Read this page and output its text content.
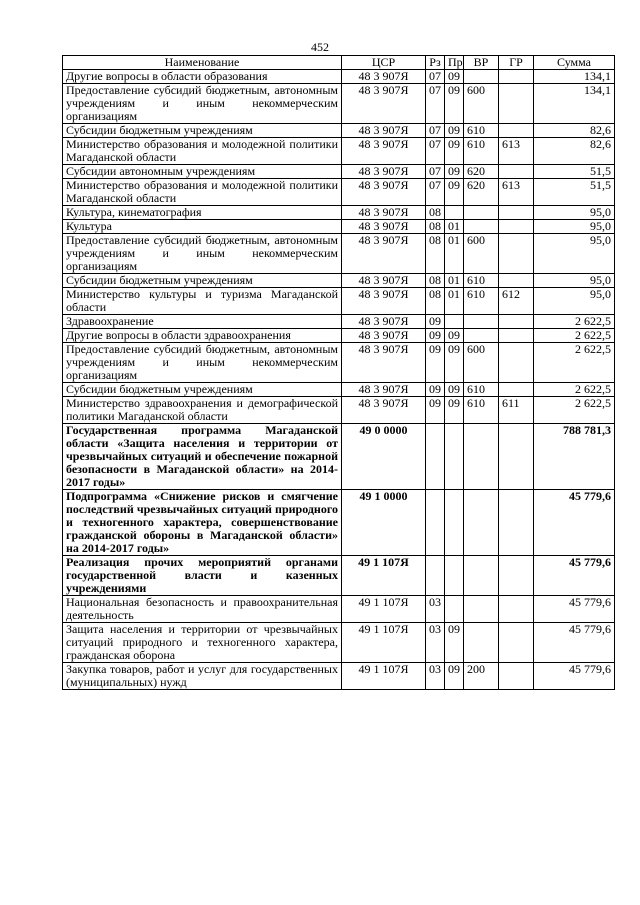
452
Наименование	ЦСР	Рз	Пр	ВР	ГР	Сумма
Другие вопросы в области образования	48 3 907Я	07	09			134,1
Предоставление субсидий бюджетным, автономным учреждениям и иным некоммерческим организациям	48 3 907Я	07	09	600		134,1
Субсидии бюджетным учреждениям	48 3 907Я	07	09	610		82,6
Министерство образования и молодежной политики Магаданской области	48 3 907Я	07	09	610	613	82,6
Субсидии автономным учреждениям	48 3 907Я	07	09	620		51,5
Министерство образования и молодежной политики Магаданской области	48 3 907Я	07	09	620	613	51,5
Культура, кинематография	48 3 907Я	08				95,0
Культура	48 3 907Я	08	01			95,0
Предоставление субсидий бюджетным, автономным учреждениям и иным некоммерческим организациям	48 3 907Я	08	01	600		95,0
Субсидии бюджетным учреждениям	48 3 907Я	08	01	610		95,0
Министерство культуры и туризма Магаданской области	48 3 907Я	08	01	610	612	95,0
Здравоохранение	48 3 907Я	09				2 622,5
Другие вопросы в области здравоохранения	48 3 907Я	09	09			2 622,5
Предоставление субсидий бюджетным, автономным учреждениям и иным некоммерческим организациям	48 3 907Я	09	09	600		2 622,5
Субсидии бюджетным учреждениям	48 3 907Я	09	09	610		2 622,5
Министерство здравоохранения и демографической политики Магаданской области	48 3 907Я	09	09	610	611	2 622,5
Государственная программа Магаданской области «Защита населения и территории от чрезвычайных ситуаций и обеспечение пожарной безопасности в Магаданской области» на 2014-2017 годы»	49 0 0000					788 781,3
Подпрограмма «Снижение рисков и смягчение последствий чрезвычайных ситуаций природного и техногенного характера, совершенствование гражданской обороны в Магаданской области» на 2014-2017 годы»	49 1 0000					45 779,6
Реализация прочих мероприятий органами государственной власти и казенных учреждениями	49 1 107Я					45 779,6
Национальная безопасность и правоохранительная деятельность	49 1 107Я	03				45 779,6
Защита населения и территории от чрезвычайных ситуаций природного и техногенного характера, гражданская оборона	49 1 107Я	03	09			45 779,6
Закупка товаров, работ и услуг для государственных (муниципальных) нужд	49 1 107Я	03	09	200		45 779,6
